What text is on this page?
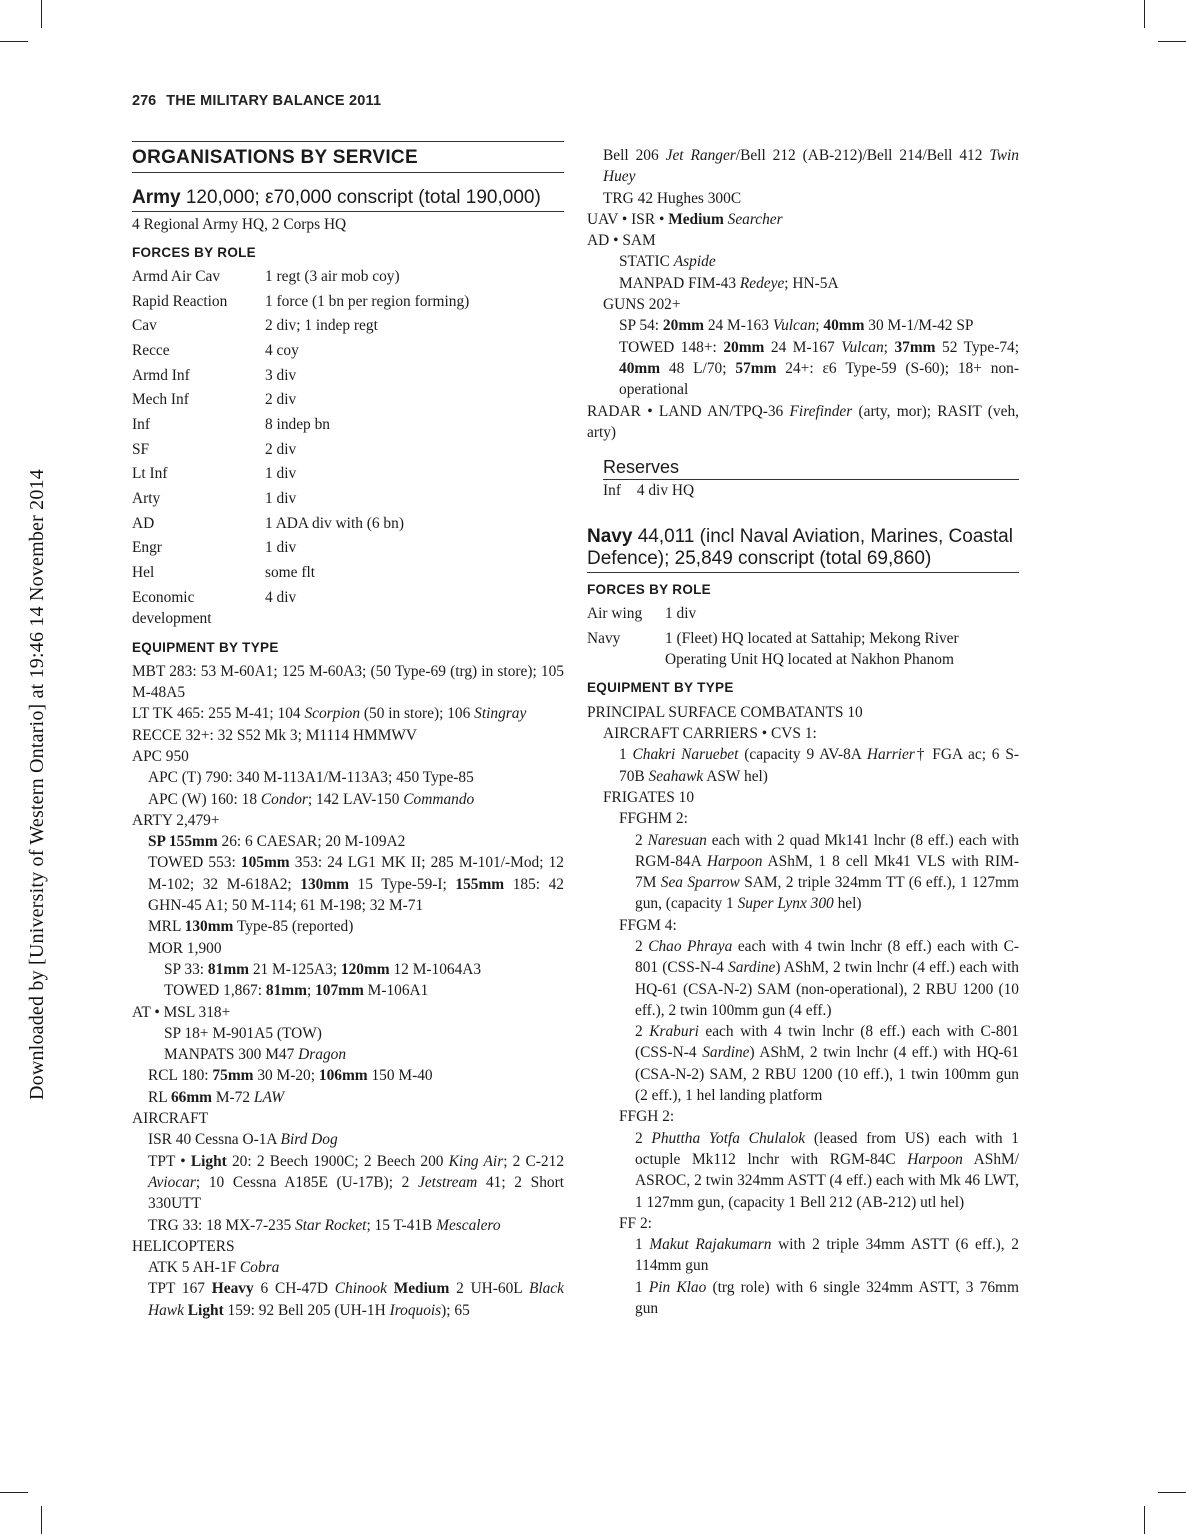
Downloaded by [University of Western Ontario] at 19:46 14 November 2014
276 THE MILITARY BALANCE 2011
ORGANISATIONS BY SERVICE
Army 120,000; ε70,000 conscript (total 190,000)
4 Regional Army HQ, 2 Corps HQ
FORCES BY ROLE
Armd Air Cav	1 regt (3 air mob coy)
Rapid Reaction	1 force (1 bn per region forming)
Cav	2 div; 1 indep regt
Recce	4 coy
Armd Inf	3 div
Mech Inf	2 div
Inf	8 indep bn
SF	2 div
Lt Inf	1 div
Arty	1 div
AD	1 ADA div with (6 bn)
Engr	1 div
Hel	some flt
Economic development	4 div
EQUIPMENT BY TYPE

MBT 283: 53 M-60A1; 125 M-60A3; (50 Type-69 (trg) in store); 105 M-48A5

LT TK 465: 255 M-41; 104 Scorpion (50 in store); 106 Stingray

RECCE 32+: 32 S52 Mk 3; M1114 HMMWV

APC 950

APC (T) 790: 340 M-113A1/M-113A3; 450 Type-85

APC (W) 160: 18 Condor; 142 LAV-150 Commando

ARTY 2,479+

SP 155mm 26: 6 CAESAR; 20 M-109A2

TOWED 553: 105mm 353: 24 LG1 MK II; 285 M-101/-Mod; 12 M-102; 32 M-618A2; 130mm 15 Type-59-I; 155mm 185: 42 GHN-45 A1; 50 M-114; 61 M-198; 32 M-71

MRL 130mm Type-85 (reported)

MOR 1,900

SP 33: 81mm 21 M-125A3; 120mm 12 M-1064A3

TOWED 1,867: 81mm; 107mm M-106A1

AT • MSL 318+

SP 18+ M-901A5 (TOW)

MANPATS 300 M47 Dragon

RCL 180: 75mm 30 M-20; 106mm 150 M-40

RL 66mm M-72 LAW

AIRCRAFT

ISR 40 Cessna O-1A Bird Dog

TPT • Light 20: 2 Beech 1900C; 2 Beech 200 King Air; 2 C-212 Aviocar; 10 Cessna A185E (U-17B); 2 Jetstream 41; 2 Short 330UTT

TRG 33: 18 MX-7-235 Star Rocket; 15 T-41B Mescalero

HELICOPTERS

ATK 5 AH-1F Cobra

TPT 167 Heavy 6 CH-47D Chinook Medium 2 UH-60L Black Hawk Light 159: 92 Bell 205 (UH-1H Iroquois); 65

Bell 206 Jet Ranger/Bell 212 (AB-212)/Bell 214/Bell 412 Twin Huey

TRG 42 Hughes 300C

UAV • ISR • Medium Searcher

AD • SAM

STATIC Aspide

MANPAD FIM-43 Redeye; HN-5A

GUNS 202+

SP 54: 20mm 24 M-163 Vulcan; 40mm 30 M-1/M-42 SP

TOWED 148+: 20mm 24 M-167 Vulcan; 37mm 52 Type-74; 40mm 48 L/70; 57mm 24+: ε6 Type-59 (S-60); 18+ non-operational

RADAR • LAND AN/TPQ-36 Firefinder (arty, mor); RASIT (veh, arty)

Reserves
Inf 4 div HQ
Navy 44,011 (incl Naval Aviation, Marines, Coastal Defence); 25,849 conscript (total 69,860)
FORCES BY ROLE
Air wing	1 div
Navy	1 (Fleet) HQ located at Sattahip; Mekong River Operating Unit HQ located at Nakhon Phanom
EQUIPMENT BY TYPE

PRINCIPAL SURFACE COMBATANTS 10

AIRCRAFT CARRIERS • CVS 1:

1 Chakri Naruebet (capacity 9 AV-8A Harrier† FGA ac; 6 S-70B Seahawk ASW hel)

FRIGATES 10

FFGHM 2:

2 Naresuan each with 2 quad Mk141 lnchr (8 eff.) each with RGM-84A Harpoon AShM, 1 8 cell Mk41 VLS with RIM-7M Sea Sparrow SAM, 2 triple 324mm TT (6 eff.), 1 127mm gun, (capacity 1 Super Lynx 300 hel)

FFGM 4:

2 Chao Phraya each with 4 twin lnchr (8 eff.) each with C-801 (CSS-N-4 Sardine) AShM, 2 twin lnchr (4 eff.) each with HQ-61 (CSA-N-2) SAM (non-operational), 2 RBU 1200 (10 eff.), 2 twin 100mm gun (4 eff.)

2 Kraburi each with 4 twin lnchr (8 eff.) each with C-801 (CSS-N-4 Sardine) AShM, 2 twin lnchr (4 eff.) with HQ-61 (CSA-N-2) SAM, 2 RBU 1200 (10 eff.), 1 twin 100mm gun (2 eff.), 1 hel landing platform

FFGH 2:

2 Phuttha Yotfa Chulalok (leased from US) each with 1 octuple Mk112 lnchr with RGM-84C Harpoon AShM/ ASROC, 2 twin 324mm ASTT (4 eff.) each with Mk 46 LWT, 1 127mm gun, (capacity 1 Bell 212 (AB-212) utl hel)

FF 2:

1 Makut Rajakumarn with 2 triple 34mm ASTT (6 eff.), 2 114mm gun

1 Pin Klao (trg role) with 6 single 324mm ASTT, 3 76mm gun
